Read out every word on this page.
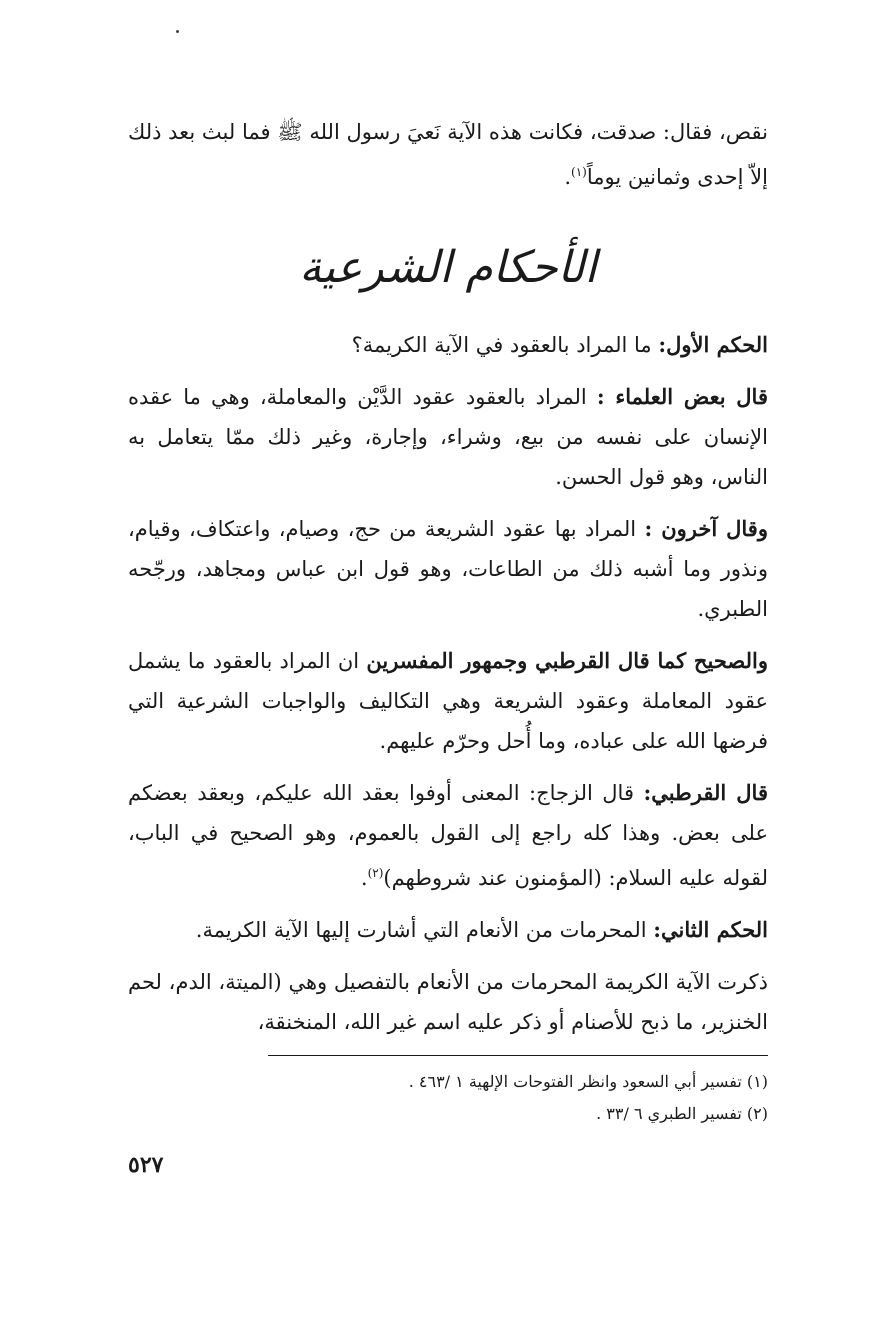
نقص، فقال: صدقت، فكانت هذه الآية نَعيَ رسول الله ﷺ فما لبث بعد ذلك إلاّ إحدى وثمانين يوماً$^{(١)}$.

الأحكام الشرعية

الحكم الأول: ما المراد بالعقود في الآية الكريمة؟

قال بعض العلماء : المراد بالعقود عقود الدَّيْن والمعاملة، وهي ما عقده الإنسان على نفسه من بيع، وشراء، وإجارة، وغير ذلك ممّا يتعامل به الناس، وهو قول الحسن.

وقال آخرون : المراد بها عقود الشريعة من حج، وصيام، واعتكاف، وقيام، ونذور وما أشبه ذلك من الطاعات، وهو قول ابن عباس ومجاهد، ورجّحه الطبري.

والصحيح كما قال القرطبي وجمهور المفسرين ان المراد بالعقود ما يشمل عقود المعاملة وعقود الشريعة وهي التكاليف والواجبات الشرعية التي فرضها الله على عباده، وما أُحل وحرّم عليهم.

قال القرطبي: قال الزجاج: المعنى أوفوا بعقد الله عليكم، وبعقد بعضكم على بعض. وهذا كله راجع إلى القول بالعموم، وهو الصحيح في الباب، لقوله عليه السلام: (المؤمنون عند شروطهم)$^{(٢)}$.

الحكم الثاني: المحرمات من الأنعام التي أشارت إليها الآية الكريمة.

ذكرت الآية الكريمة المحرمات من الأنعام بالتفصيل وهي (الميتة، الدم، لحم الخنزير، ما ذبح للأصنام أو ذكر عليه اسم غير الله، المنخنقة،

(١) تفسير أبي السعود وانظر الفتوحات الإلهية ١ /٤٦٣ .

(٢) تفسير الطبري ٦ /٣٣ .

٥٢٧
